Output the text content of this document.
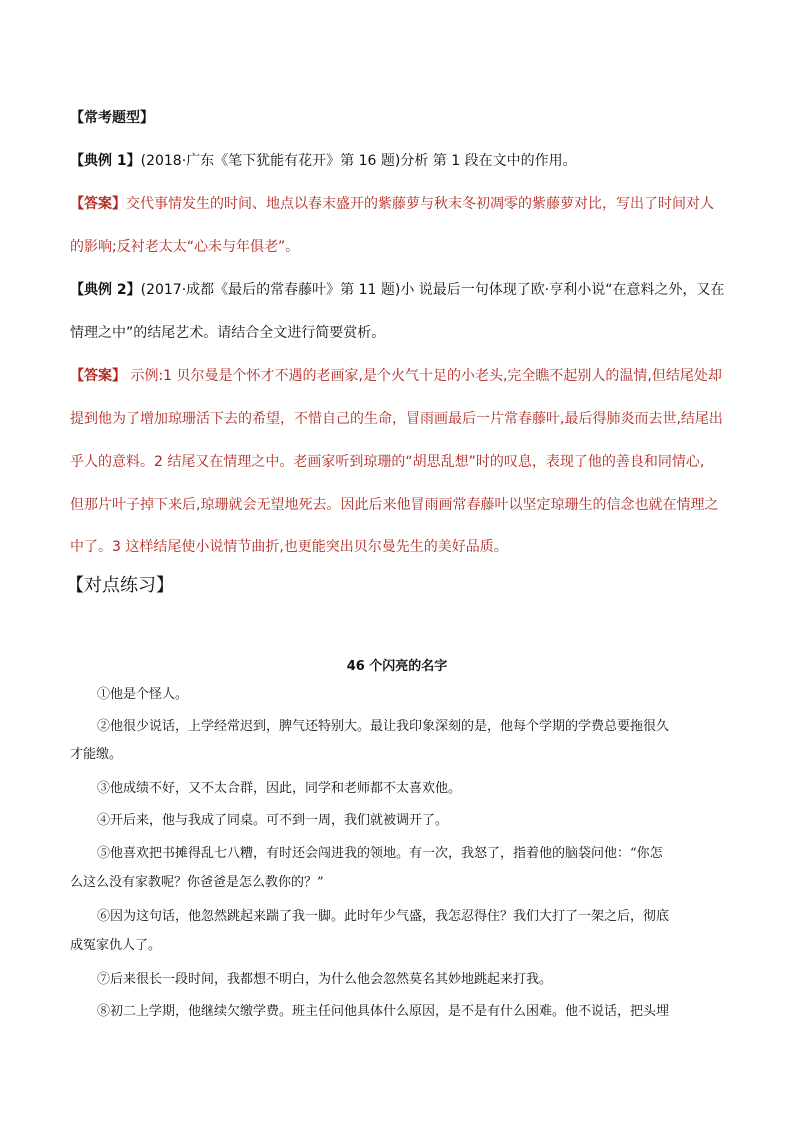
【常考题型】
【典例 1】(2018·广东《笔下犹能有花开》第 16 题)分析 第 1 段在文中的作用。
【答案】交代事情发生的时间、地点以春末盛开的紫藤萝与秋末冬初凋零的紫藤萝对比，写出了时间对人
的影响;反衬老太太“心未与年俱老”。
【典例 2】(2017·成都《最后的常春藤叶》第 11 题)小 说最后一句体现了欧·亨利小说“在意料之外，又在
情理之中”的结尾艺术。请结合全文进行简要赏析。
【答案】 示例:1 贝尔曼是个怀才不遇的老画家,是个火气十足的小老头,完全瞧不起别人的温情,但结尾处却
提到他为了增加琼珊活下去的希望，不惜自己的生命，冒雨画最后一片常春藤叶,最后得肺炎而去世,结尾出
乎人的意料。2 结尾又在情理之中。老画家听到琼珊的“胡思乱想”时的叹息，表现了他的善良和同情心,
但那片叶子掉下来后,琼珊就会无望地死去。因此后来他冒雨画常春藤叶以坚定琼珊生的信念也就在情理之
中了。3 这样结尾使小说情节曲折,也更能突出贝尔曼先生的美好品质。
【对点练习】
46 个闪亮的名字
①他是个怪人。
②他很少说话，上学经常迟到，脾气还特别大。最让我印象深刻的是，他每个学期的学费总要拖很久
才能缴。
③他成绩不好，又不太合群，因此，同学和老师都不太喜欢他。
④开后来，他与我成了同桌。可不到一周，我们就被调开了。
⑤他喜欢把书摊得乱七八糟，有时还会闯进我的领地。有一次，我怒了，指着他的脑袋问他：“你怎
么这么没有家教呢？你爸爸是怎么教你的？”
⑥因为这句话，他忽然跳起来踹了我一脚。此时年少气盛，我怎忍得住？我们大打了一架之后，彻底
成冤家仇人了。
⑦后来很长一段时间，我都想不明白，为什么他会忽然莫名其妙地跳起来打我。
⑧初二上学期，他继续欠缴学费。班主任问他具体什么原因，是不是有什么困难。他不说话，把头埋
